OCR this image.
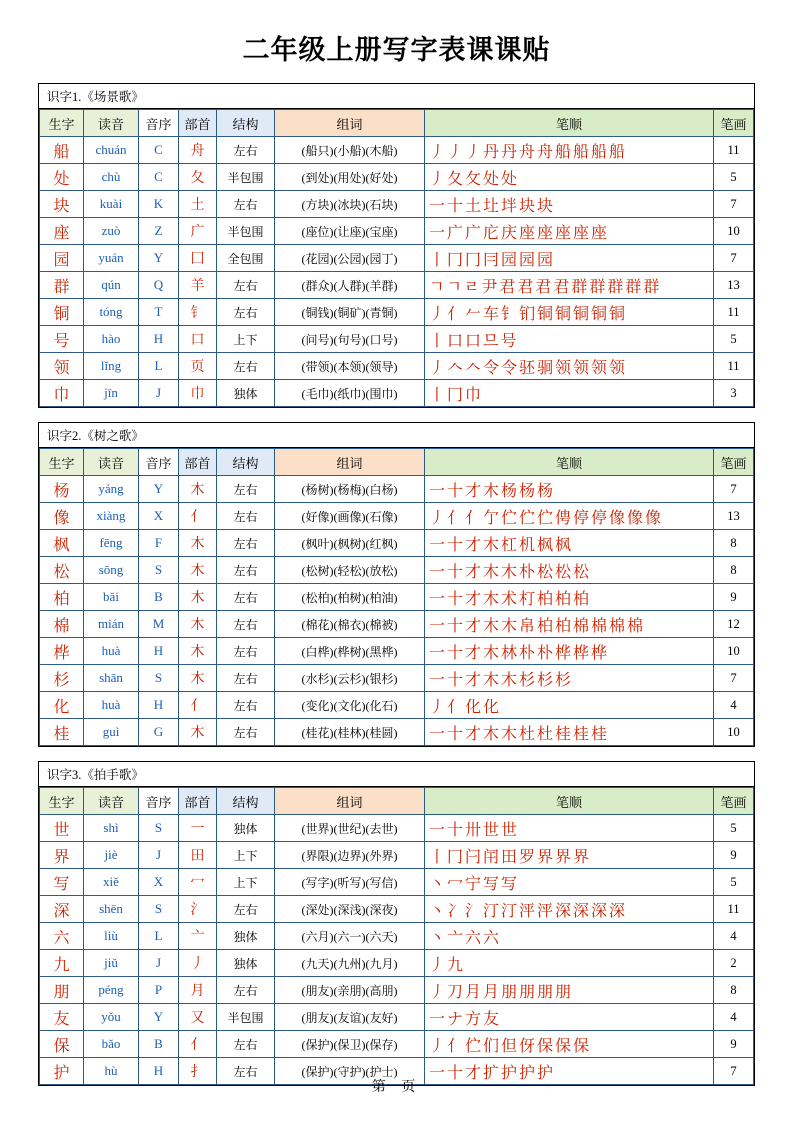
二年级上册写字表课课贴
识字1.《场景歌》
生字	读音	音序	部首	结构	组词	笔顺	笔画
船	chuán	C	舟	左右	(船只)(小船)(木船)	丿丿丿丹丹舟舟船船船船	11
处	chù	C	夂	半包围	(到处)(用处)(好处)	丿夂攵处处	5
块	kuài	K	土	左右	(方块)(冰块)(石块)	一十土圵坢块块	7
座	zuò	Z	广	半包围	(座位)(让座)(宝座)	一广广庀庆座座座座座	10
园	yuán	Y	囗	全包围	(花园)(公园)(园丁)	丨冂冂冃园园园	7
群	qún	Q	羊	左右	(群众)(人群)(羊群)	ㄱㄱㄹ尹君君君君群群群群群	13
铜	tóng	T	钅	左右	(铜钱)(铜矿)(青铜)	丿亻𠂉车钅钔铜铜铜铜铜	11
号	hào	H	口	上下	(问号)(句号)(口号)	丨口口므号	5
领	lǐng	L	页	左右	(带领)(本领)(领导)	丿𠆢𠆢令令𬳵𬳶领领领领	11
巾	jīn	J	巾	独体	(毛巾)(纸巾)(围巾)	丨冂巾	3
识字2.《树之歌》
生字	读音	音序	部首	结构	组词	笔顺	笔画
杨	yáng	Y	木	左右	(杨树)(杨梅)(白杨)	一十才木杨杨杨	7
像	xiàng	X	亻	左右	(好像)(画像)(石像)	丿亻亻亇伫伫伫俜停停像像像	13
枫	fēng	F	木	左右	(枫叶)(枫树)(红枫)	一十才木杠机枫枫	8
松	sōng	S	木	左右	(松树)(轻松)(放松)	一十才木木朴松松松	8
柏	bǎi	B	木	左右	(松柏)(柏树)(柏油)	一十才木术朾柏柏柏	9
棉	mián	M	木	左右	(棉花)(棉衣)(棉被)	一十才木木帛柏柏棉棉棉棉	12
桦	huà	H	木	左右	(白桦)(桦树)(黑桦)	一十才木林朴朴桦桦桦	10
杉	shān	S	木	左右	(水杉)(云杉)(银杉)	一十才木木杉杉杉	7
化	huà	H	亻	左右	(变化)(文化)(化石)	丿亻化化	4
桂	guì	G	木	左右	(桂花)(桂林)(桂圆)	一十才木木杜杜桂桂桂	10
识字3.《拍手歌》
生字	读音	音序	部首	结构	组词	笔顺	笔画
世	shì	S	一	独体	(世界)(世纪)(去世)	一十卅世世	5
界	jiè	J	田	上下	(界限)(边界)(外界)	丨冂闩闬田罗界界界	9
写	xiě	X	冖	上下	(写字)(听写)(写信)	丶冖宁写写	5
深	shēn	S	氵	左右	(深处)(深浅)(深夜)	丶冫氵汀汀泙泙深深深深	11
六	liù	L	亠	独体	(六月)(六一)(六天)	丶亠六六	4
九	jiǔ	J	丿	独体	(九天)(九州)(九月)	丿九	2
朋	péng	P	月	左右	(朋友)(亲朋)(高朋)	丿刀月月朋朋朋朋	8
友	yǒu	Y	又	半包围	(朋友)(友谊)(友好)	一ナ方友	4
保	bǎo	B	亻	左右	(保护)(保卫)(保存)	丿亻伫们但伢保保保	9
护	hù	H	扌	左右	(保护)(守护)(护士)	一十才扩护护护	7
第 页
